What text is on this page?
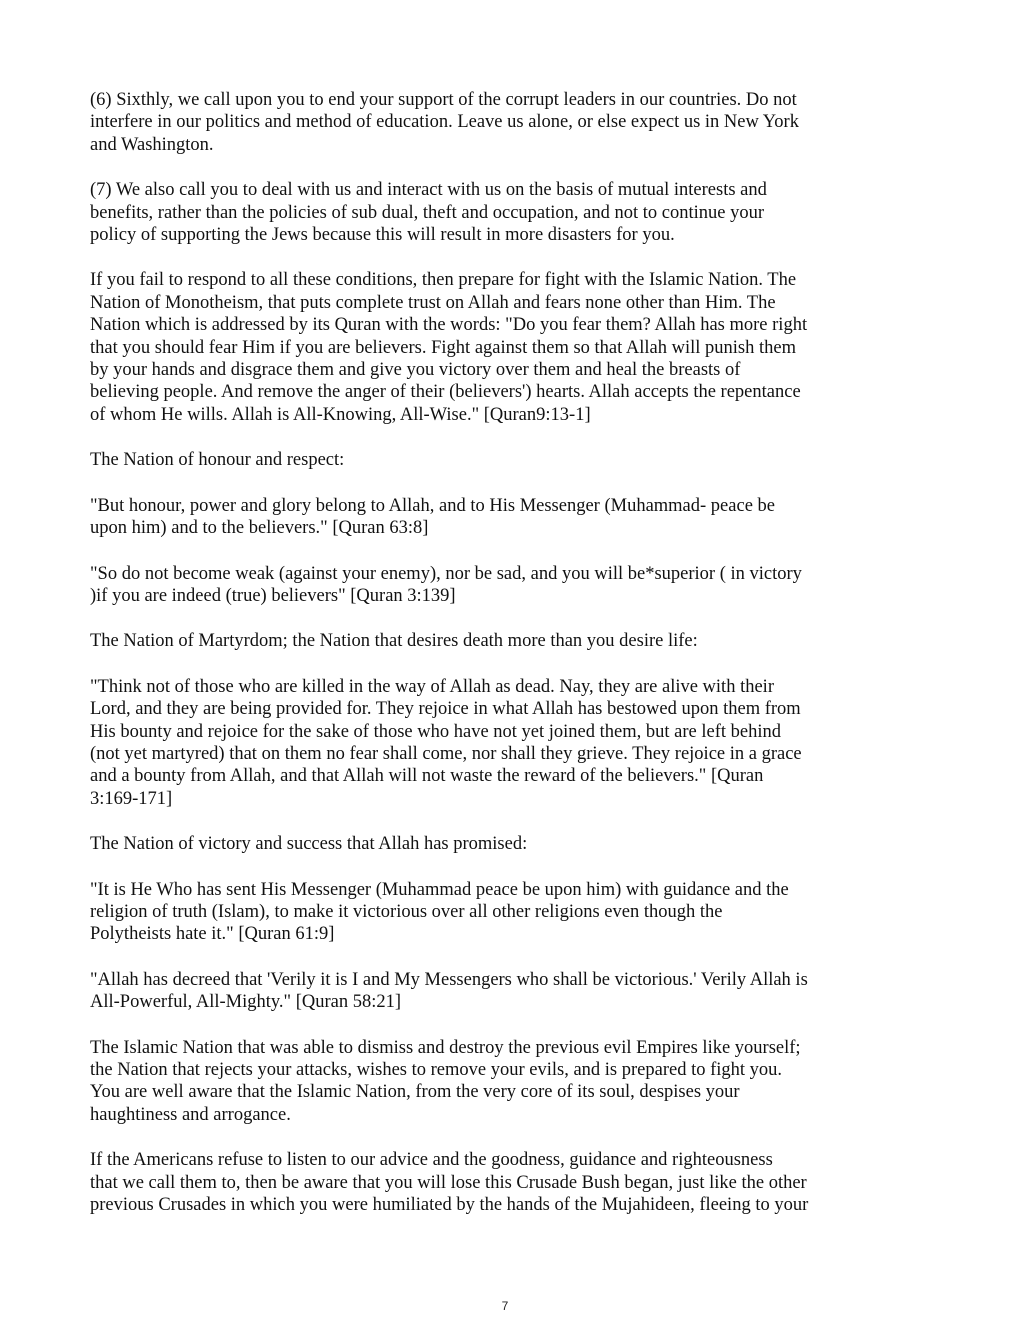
(6) Sixthly, we call upon you to end your support of the corrupt leaders in our countries. Do not
interfere in our politics and method of education. Leave us alone, or else expect us in New York
and Washington.

(7) We also call you to deal with us and interact with us on the basis of mutual interests and
benefits, rather than the policies of sub dual, theft and occupation, and not to continue your
policy of supporting the Jews because this will result in more disasters for you.

If you fail to respond to all these conditions, then prepare for fight with the Islamic Nation. The
Nation of Monotheism, that puts complete trust on Allah and fears none other than Him. The
Nation which is addressed by its Quran with the words: "Do you fear them? Allah has more right
that you should fear Him if you are believers. Fight against them so that Allah will punish them
by your hands and disgrace them and give you victory over them and heal the breasts of
believing people. And remove the anger of their (believers') hearts. Allah accepts the repentance
of whom He wills. Allah is All-Knowing, All-Wise." [Quran9:13-1]

The Nation of honour and respect:

"But honour, power and glory belong to Allah, and to His Messenger (Muhammad- peace be
upon him) and to the believers." [Quran 63:8]

"So do not become weak (against your enemy), nor be sad, and you will be*superior ( in victory
)if you are indeed (true) believers" [Quran 3:139]

The Nation of Martyrdom; the Nation that desires death more than you desire life:

"Think not of those who are killed in the way of Allah as dead. Nay, they are alive with their
Lord, and they are being provided for. They rejoice in what Allah has bestowed upon them from
His bounty and rejoice for the sake of those who have not yet joined them, but are left behind
(not yet martyred) that on them no fear shall come, nor shall they grieve. They rejoice in a grace
and a bounty from Allah, and that Allah will not waste the reward of the believers." [Quran
3:169-171]

The Nation of victory and success that Allah has promised:

"It is He Who has sent His Messenger (Muhammad peace be upon him) with guidance and the
religion of truth (Islam), to make it victorious over all other religions even though the
Polytheists hate it." [Quran 61:9]

"Allah has decreed that 'Verily it is I and My Messengers who shall be victorious.' Verily Allah is
All-Powerful, All-Mighty." [Quran 58:21]

The Islamic Nation that was able to dismiss and destroy the previous evil Empires like yourself;
the Nation that rejects your attacks, wishes to remove your evils, and is prepared to fight you.
You are well aware that the Islamic Nation, from the very core of its soul, despises your
haughtiness and arrogance.

If the Americans refuse to listen to our advice and the goodness, guidance and righteousness
that we call them to, then be aware that you will lose this Crusade Bush began, just like the other
previous Crusades in which you were humiliated by the hands of the Mujahideen, fleeing to your

7
